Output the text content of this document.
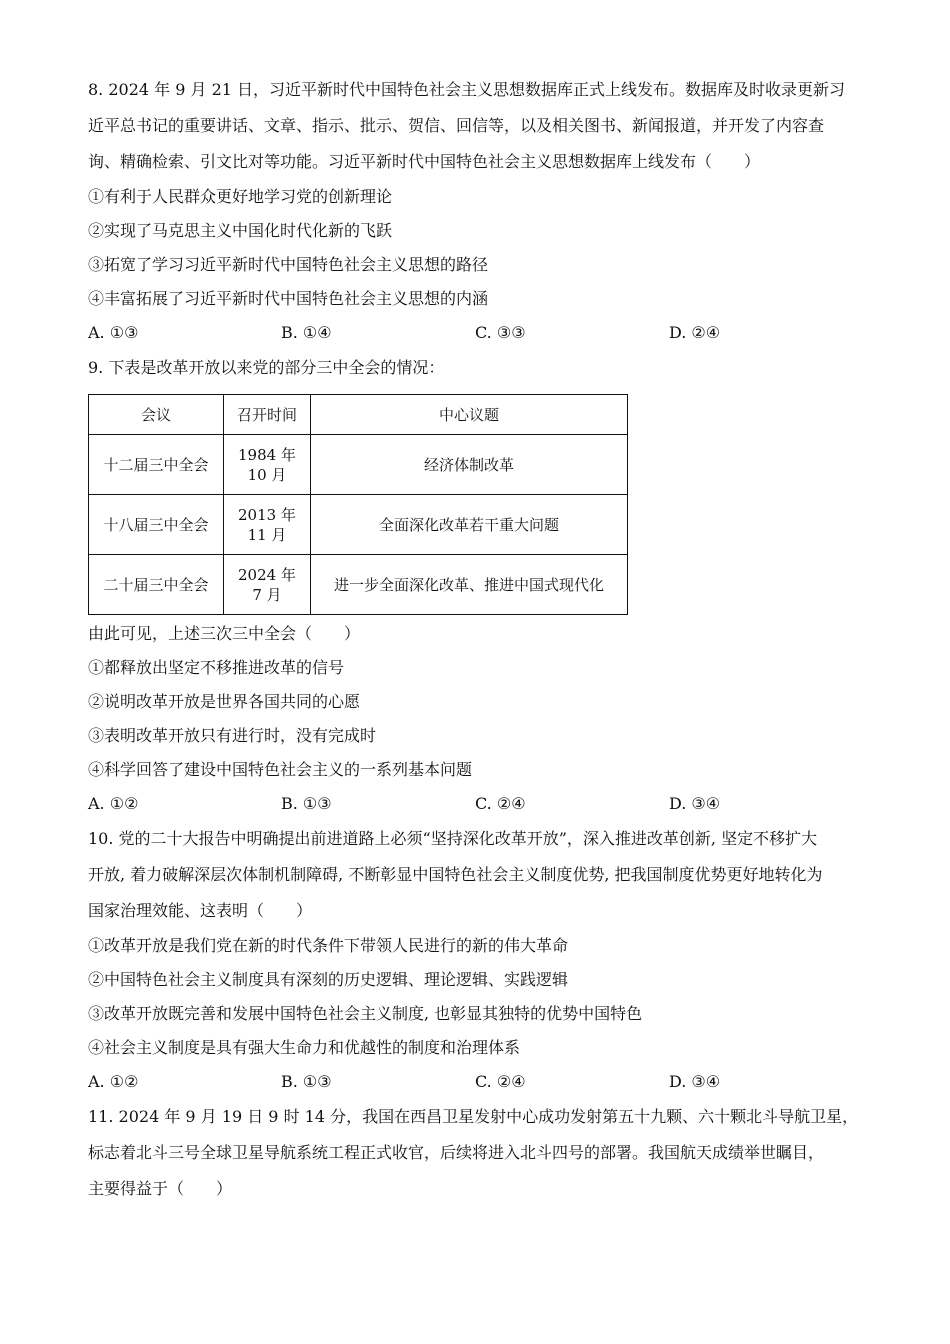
8. 2024 年 9 月 21 日，习近平新时代中国特色社会主义思想数据库正式上线发布。数据库及时收录更新习

近平总书记的重要讲话、文章、指示、批示、贺信、回信等，以及相关图书、新闻报道，并开发了内容查

询、精确检索、引文比对等功能。习近平新时代中国特色社会主义思想数据库上线发布（　　）

①有利于人民群众更好地学习党的创新理论

②实现了马克思主义中国化时代化新的飞跃

③拓宽了学习习近平新时代中国特色社会主义思想的路径

④丰富拓展了习近平新时代中国特色社会主义思想的内涵

A. ①③	B. ①④	C. ③③	D. ②④

9. 下表是改革开放以来党的部分三中全会的情况：

会议	召开时间	中心议题
十二届三中全会	1984 年 10 月	经济体制改革
十八届三中全会	2013 年 11 月	全面深化改革若干重大问题
二十届三中全会	2024 年 7 月	进一步全面深化改革、推进中国式现代化

由此可见，上述三次三中全会（　　）

①都释放出坚定不移推进改革的信号

②说明改革开放是世界各国共同的心愿

③表明改革开放只有进行时，没有完成时

④科学回答了建设中国特色社会主义的一系列基本问题

A. ①②	B. ①③	C. ②④	D. ③④

10. 党的二十大报告中明确提出前进道路上必须“坚持深化改革开放”，深入推进改革创新, 坚定不移扩大

开放, 着力破解深层次体制机制障碍, 不断彰显中国特色社会主义制度优势, 把我国制度优势更好地转化为

国家治理效能、这表明（　　）

①改革开放是我们党在新的时代条件下带领人民进行的新的伟大革命

②中国特色社会主义制度具有深刻的历史逻辑、理论逻辑、实践逻辑

③改革开放既完善和发展中国特色社会主义制度, 也彰显其独特的优势中国特色

④社会主义制度是具有强大生命力和优越性的制度和治理体系

A. ①②	B. ①③	C. ②④	D. ③④

11. 2024 年 9 月 19 日 9 时 14 分，我国在西昌卫星发射中心成功发射第五十九颗、六十颗北斗导航卫星，

标志着北斗三号全球卫星导航系统工程正式收官，后续将进入北斗四号的部署。我国航天成绩举世瞩目，

主要得益于（　　）
